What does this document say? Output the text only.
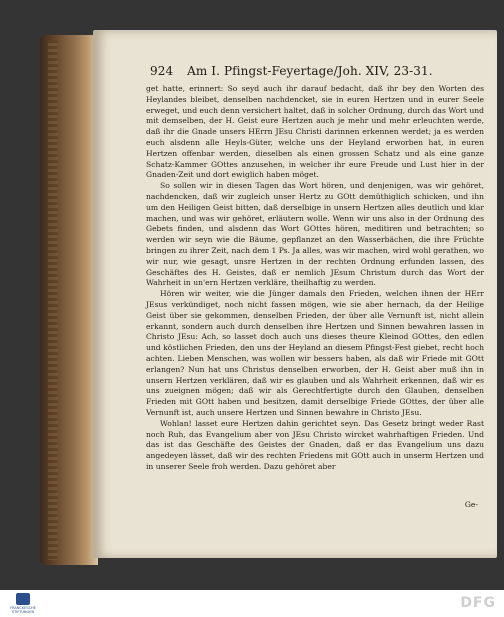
924 Am I. Pfingst-Feyertage/Joh. XIV, 23-31.

get hatte, erinnert: So seyd auch ihr darauf bedacht, daß ihr bey den Worten des Heylandes bleibet, denselben nachdencket, sie in euren Hertzen und in eurer Seele erweget, und euch denn versichert haltet, daß in solcher Ordnung, durch das Wort und mit demselben, der H. Geist eure Hertzen auch je mehr und mehr erleuchten werde, daß ihr die Gnade unsers HErrn JEsu Christi darinnen erkennen werdet; ja es werden euch alsdenn alle Heyls-Güter, welche uns der Heyland erworben hat, in euren Hertzen offenbar werden, dieselben als einen grossen Schatz und als eine ganze Schatz-Kammer GOttes anzusehen, in welcher ihr eure Freude und Lust hier in der Gnaden-Zeit und dort ewiglich haben möget.

So sollen wir in diesen Tagen das Wort hören, und denjenigen, was wir gehöret, nachdencken, daß wir zugleich unser Hertz zu GOtt demüthiglich schicken, und ihn um den Heiligen Geist bitten, daß derselbige in unsern Hertzen alles deutlich und klar machen, und was wir gehöret, erläutern wolle. Wenn wir uns also in der Ordnung des Gebets finden, und alsdenn das Wort GOttes hören, meditiren und betrachten; so werden wir seyn wie die Bäume, gepflanzet an den Wasserbächen, die ihre Früchte bringen zu ihrer Zeit, nach dem 1 Ps. Ja alles, was wir machen, wird wohl gerathen, wo wir nur, wie gesagt, unsre Hertzen in der rechten Ordnung erfunden lassen, des Geschäftes des H. Geistes, daß er nemlich JEsum Christum durch das Wort der Wahrheit in un'ern Hertzen verkläre, theilhaftig zu werden.

Hören wir weiter, wie die Jünger damals den Frieden, welchen ihnen der HErr JEsus verkündiget, noch nicht fassen mögen, wie sie aber hernach, da der Heilige Geist über sie gekommen, denselben Frieden, der über alle Vernunft ist, nicht allein erkannt, sondern auch durch denselben ihre Hertzen und Sinnen bewahren lassen in Christo JEsu: Ach, so lasset doch auch uns dieses theure Kleinod GOttes, den edlen und köstlichen Frieden, den uns der Heyland an diesem Pfingst-Fest giebet, recht hoch achten. Lieben Menschen, was wollen wir bessers haben, als daß wir Friede mit GOtt erlangen? Nun hat uns Christus denselben erworben, der H. Geist aber muß ihn in unsern Hertzen verklären, daß wir es glauben und als Wahrheit erkennen, daß wir es uns zueignen mögen; daß wir als Gerechtfertigte durch den Glauben, denselben Frieden mit GOtt haben und besitzen, damit derselbige Friede GOttes, der über alle Vernunft ist, auch unsere Hertzen und Sinnen bewahre in Christo JEsu.

Wohlan! lasset eure Hertzen dahin gerichtet seyn. Das Gesetz bringt weder Rast noch Ruh, das Evangelium aber von JEsu Christo wircket wahrhaftigen Frieden. Und das ist das Geschäfte des Geistes der Gnaden, daß er das Evangelium uns dazu angedeyen lässet, daß wir des rechten Friedens mit GOtt auch in unserm Hertzen und in unserer Seele froh werden. Dazu gehöret aber

Ge-
FRANCKESCHE STIFTUNGEN
DFG
